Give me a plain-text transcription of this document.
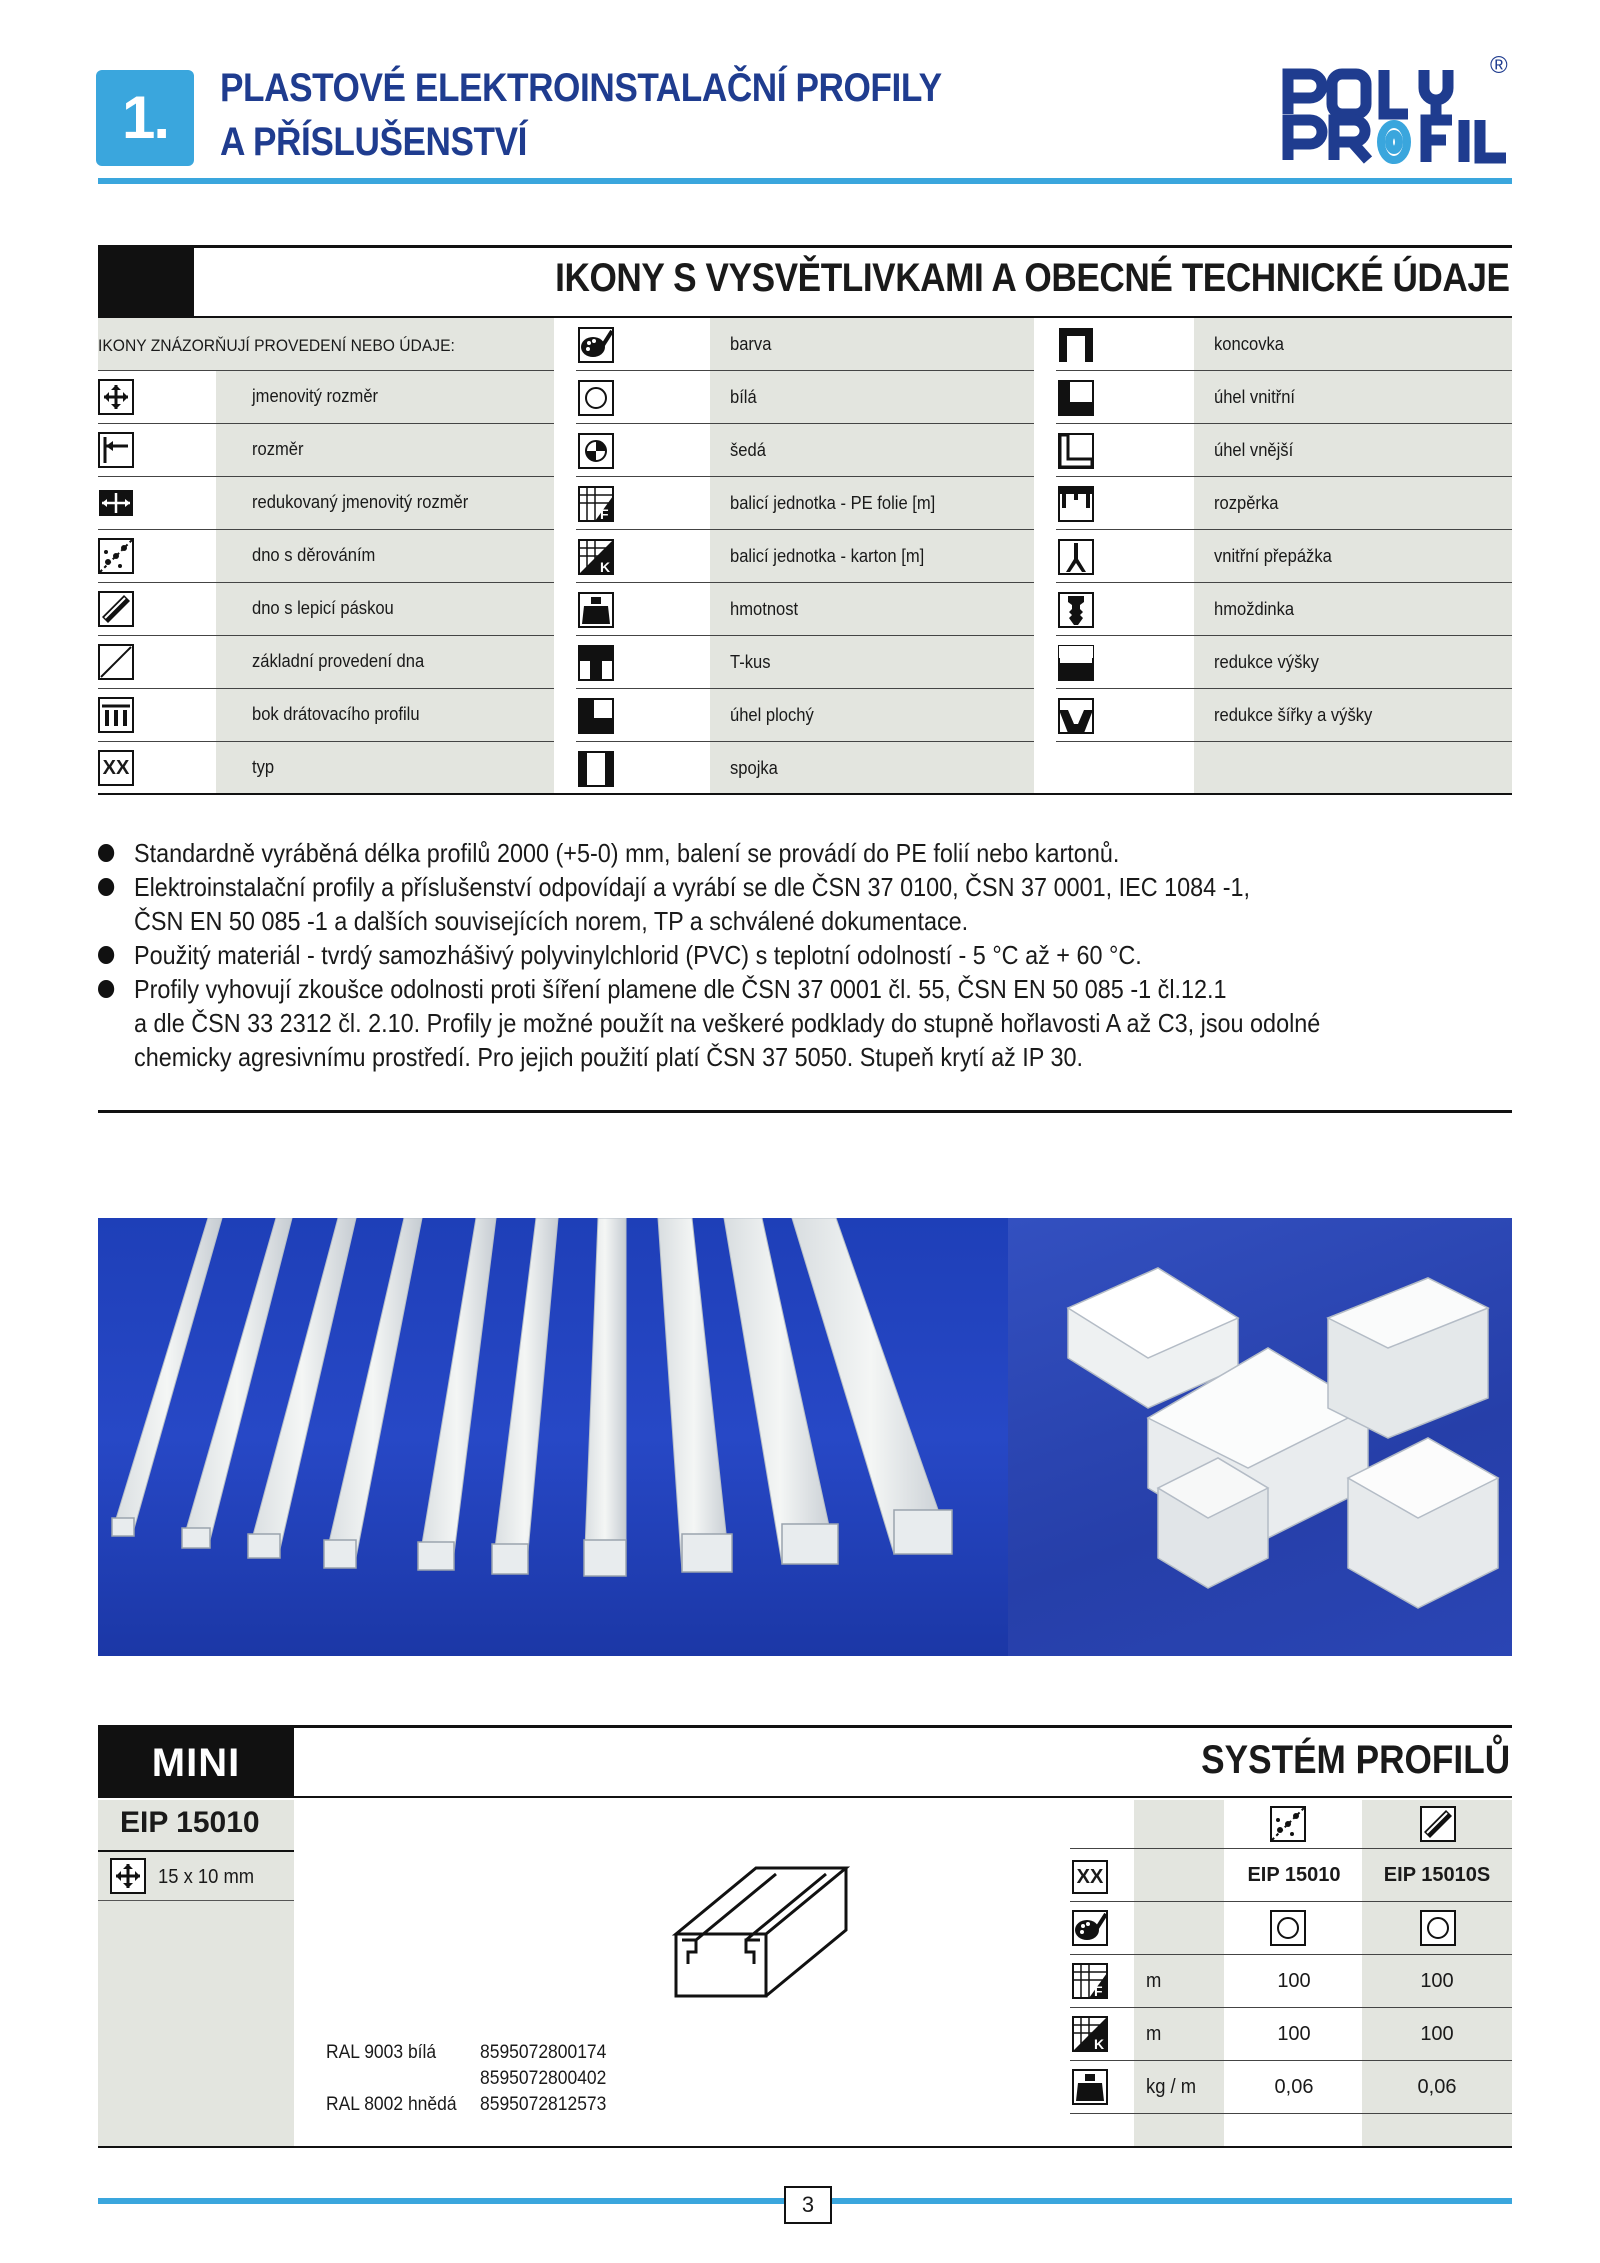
1.	PLASTOVÉ ELEKTROINSTALAČNÍ PROFILY
A PŘÍSLUŠENSTVÍ
®
IKONY S VYSVĚTLIVKAMI A OBECNÉ TECHNICKÉ ÚDAJE
IKONY ZNÁZORŇUJÍ PROVEDENÍ NEBO ÚDAJE:
jmenovitý rozměr
rozměr
redukovaný jmenovitý rozměr
dno s děrováním
dno s lepicí páskou
základní provedení dna
bok drátovacího profilu
XX	typ
barva
bílá
šedá
F
balicí jednotka - PE folie [m]
K
balicí jednotka - karton [m]
hmotnost
T-kus
úhel plochý
spojka
koncovka
úhel vnitřní
úhel vnější
rozpěrka
vnitřní přepážka
hmoždinka
redukce výšky
redukce šířky a výšky
Standardně vyráběná délka profilů 2000 (+5-0) mm, balení se provádí do PE folií nebo kartonů.
Elektroinstalační profily a příslušenství odpovídají a vyrábí se dle ČSN 37 0100, ČSN 37 0001, IEC 1084 -1,
ČSN EN 50 085 -1 a dalších souvisejících norem, TP a schválené dokumentace.
Použitý materiál - tvrdý samozhášivý polyvinylchlorid (PVC) s teplotní odolností - 5 °C až + 60 °C.
Profily vyhovují zkoušce odolnosti proti šíření plamene dle ČSN 37 0001 čl. 55, ČSN EN 50 085 -1 čl.12.1
a dle ČSN 33 2312 čl. 2.10. Profily je možné použít na veškeré podklady do stupně hořlavosti A až C3, jsou odolné
chemicky agresivnímu prostředí. Pro jejich použití platí ČSN 37 5050. Stupeň krytí až IP 30.
MINI	SYSTÉM PROFILŮ
EIP 15010
15 x 10 mm
RAL 9003 bílá 8595072800174
8595072800402
RAL 8002 hnědá 8595072812573
XX	EIP 15010	EIP 15010S
F m	100	100
K m	100	100
kg / m	0,06	0,06
3
